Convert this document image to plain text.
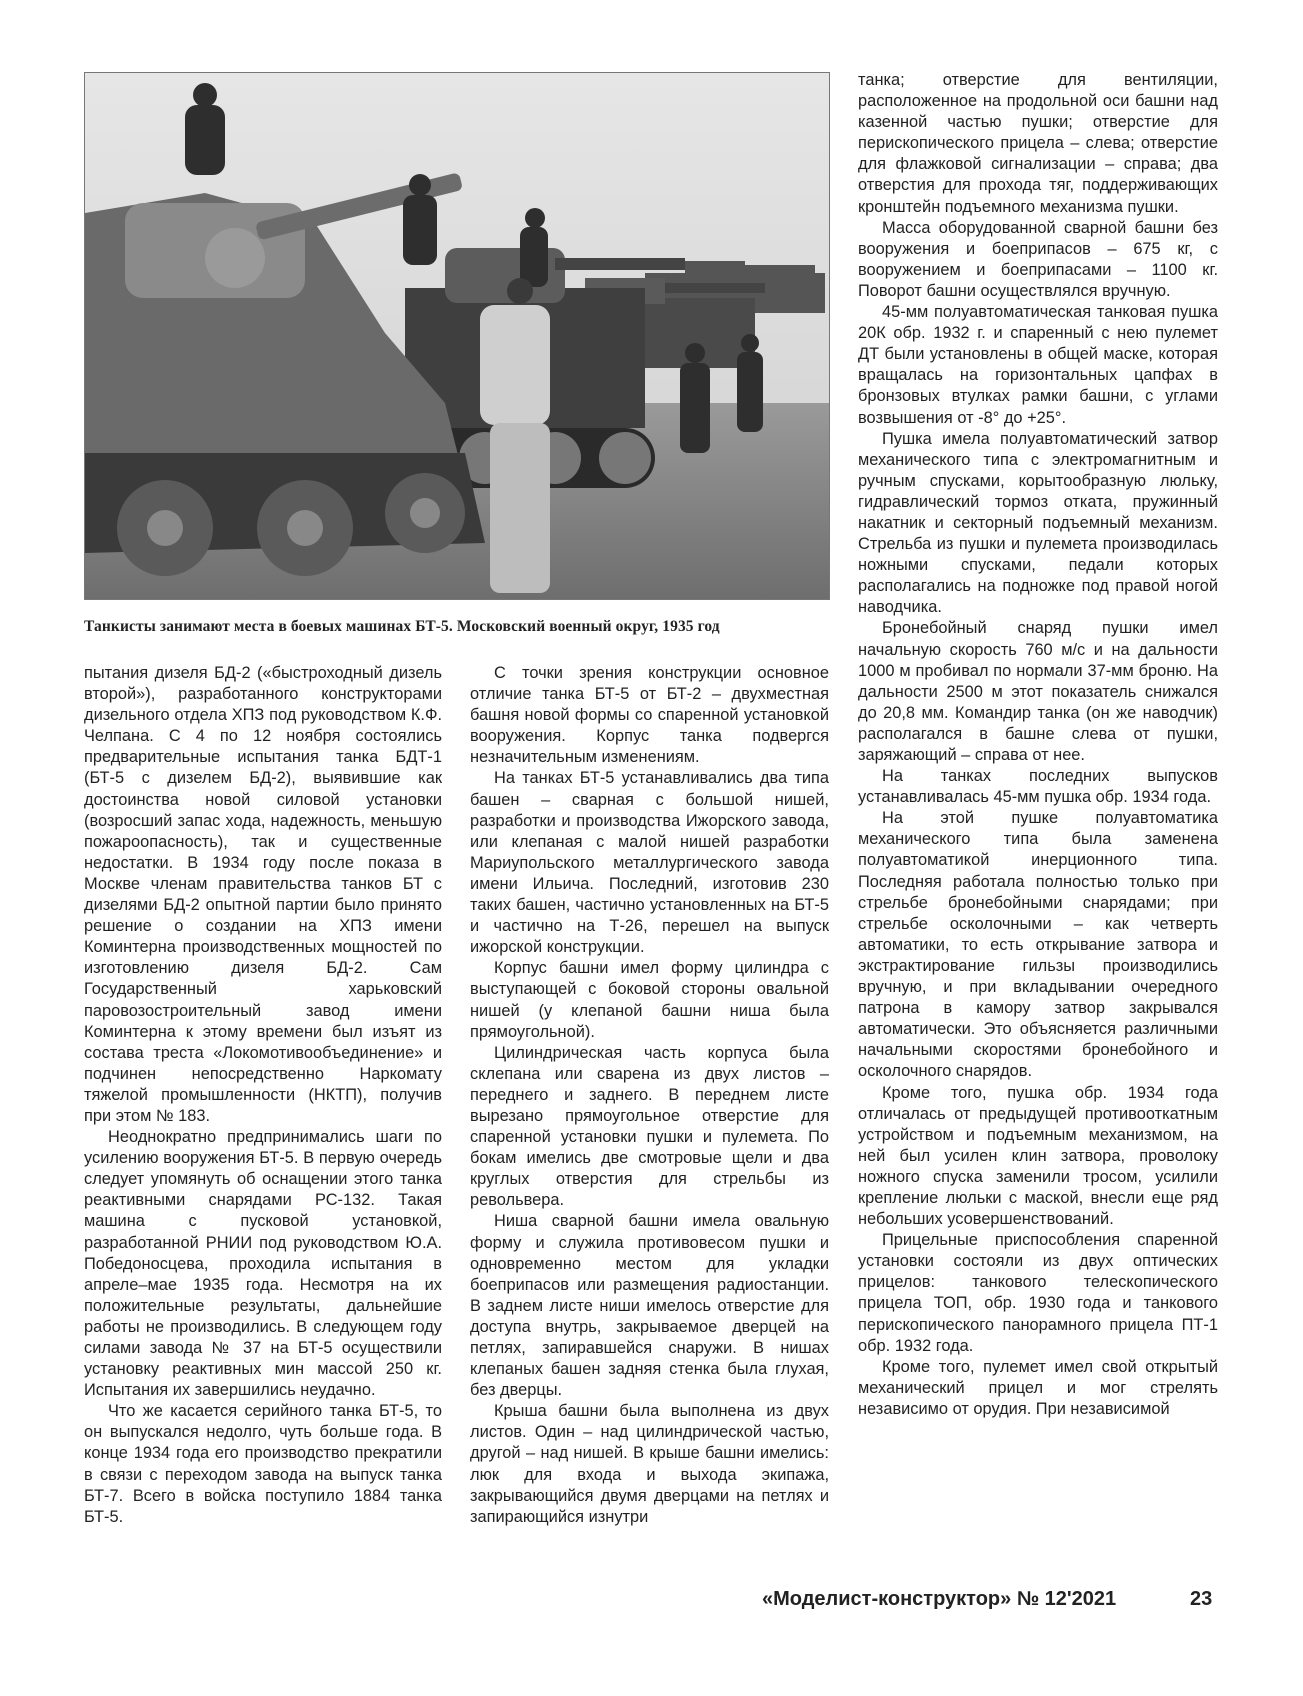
Танкисты занимают места в боевых машинах БТ-5. Московский военный округ, 1935 год

пытания дизеля БД-2 («быстроходный дизель второй»), разработанного конструкторами дизельного отдела ХПЗ под руководством К.Ф. Челпана. С 4 по 12 ноября состоялись предварительные испытания танка БДТ-1 (БТ-5 с дизелем БД-2), выявившие как достоинства новой силовой установки (возросший запас хода, надежность, меньшую пожароопасность), так и существенные недостатки. В 1934 году после показа в Москве членам правительства танков БТ с дизелями БД-2 опытной партии было принято решение о создании на ХПЗ имени Коминтерна производственных мощностей по изготовлению дизеля БД-2. Сам Государственный харьковский паровозостроительный завод имени Коминтерна к этому времени был изъят из состава треста «Локомотивообъединение» и подчинен непосредственно Наркомату тяжелой промышленности (НКТП), получив при этом № 183.

Неоднократно предпринимались шаги по усилению вооружения БТ-5. В первую очередь следует упомянуть об оснащении этого танка реактивными снарядами РС-132. Такая машина с пусковой установкой, разработанной РНИИ под руководством Ю.А. Победоносцева, проходила испытания в апреле–мае 1935 года. Несмотря на их положительные результаты, дальнейшие работы не производились. В следующем году силами завода № 37 на БТ-5 осуществили установку реактивных мин массой 250 кг. Испытания их завершились неудачно.

Что же касается серийного танка БТ-5, то он выпускался недолго, чуть больше года. В конце 1934 года его производство прекратили в связи с переходом завода на выпуск танка БТ-7. Всего в войска поступило 1884 танка БТ-5.

С точки зрения конструкции основное отличие танка БТ-5 от БТ-2 – двухместная башня новой формы со спаренной установкой вооружения. Корпус танка подвергся незначительным изменениям.

На танках БТ-5 устанавливались два типа башен – сварная с большой нишей, разработки и производства Ижорского завода, или клепаная с малой нишей разработки Мариупольского металлургического завода имени Ильича. Последний, изготовив 230 таких башен, частично установленных на БТ-5 и частично на Т-26, перешел на выпуск ижорской конструкции.

Корпус башни имел форму цилиндра с выступающей с боковой стороны овальной нишей (у клепаной башни ниша была прямоугольной).

Цилиндрическая часть корпуса была склепана или сварена из двух листов – переднего и заднего. В переднем листе вырезано прямоугольное отверстие для спаренной установки пушки и пулемета. По бокам имелись две смотровые щели и два круглых отверстия для стрельбы из револьвера.

Ниша сварной башни имела овальную форму и служила противовесом пушки и одновременно местом для укладки боеприпасов или размещения радиостанции. В заднем листе ниши имелось отверстие для доступа внутрь, закрываемое дверцей на петлях, запиравшейся снаружи. В нишах клепаных башен задняя стенка была глухая, без дверцы.

Крыша башни была выполнена из двух листов. Один – над цилиндрической частью, другой – над нишей. В крыше башни имелись: люк для входа и выхода экипажа, закрывающийся двумя дверцами на петлях и запирающийся изнутри

танка; отверстие для вентиляции, расположенное на продольной оси башни над казенной частью пушки; отверстие для перископического прицела – слева; отверстие для флажковой сигнализации – справа; два отверстия для прохода тяг, поддерживающих кронштейн подъемного механизма пушки.

Масса оборудованной сварной башни без вооружения и боеприпасов – 675 кг, с вооружением и боеприпасами – 1100 кг. Поворот башни осуществлялся вручную.

45-мм полуавтоматическая танковая пушка 20К обр. 1932 г. и спаренный с нею пулемет ДТ были установлены в общей маске, которая вращалась на горизонтальных цапфах в бронзовых втулках рамки башни, с углами возвышения от -8° до +25°.

Пушка имела полуавтоматический затвор механического типа с электромагнитным и ручным спусками, корытообразную люльку, гидравлический тормоз отката, пружинный накатник и секторный подъемный механизм. Стрельба из пушки и пулемета производилась ножными спусками, педали которых располагались на подножке под правой ногой наводчика.

Бронебойный снаряд пушки имел начальную скорость 760 м/с и на дальности 1000 м пробивал по нормали 37-мм броню. На дальности 2500 м этот показатель снижался до 20,8 мм. Командир танка (он же наводчик) располагался в башне слева от пушки, заряжающий – справа от нее.

На танках последних выпусков устанавливалась 45-мм пушка обр. 1934 года.

На этой пушке полуавтоматика механического типа была заменена полуавтоматикой инерционного типа. Последняя работала полностью только при стрельбе бронебойными снарядами; при стрельбе осколочными – как четверть автоматики, то есть открывание затвора и экстрактирование гильзы производились вручную, и при вкладывании очередного патрона в камору затвор закрывался автоматически. Это объясняется различными начальными скоростями бронебойного и осколочного снарядов.

Кроме того, пушка обр. 1934 года отличалась от предыдущей противооткатным устройством и подъемным механизмом, на ней был усилен клин затвора, проволоку ножного спуска заменили тросом, усилили крепление люльки с маской, внесли еще ряд небольших усовершенствований.

Прицельные приспособления спаренной установки состояли из двух оптических прицелов: танкового телескопического прицела ТОП, обр. 1930 года и танкового перископического панорамного прицела ПТ-1 обр. 1932 года.

Кроме того, пулемет имел свой открытый механический прицел и мог стрелять независимо от орудия. При независимой

«Моделист-конструктор» № 12'2021	23
